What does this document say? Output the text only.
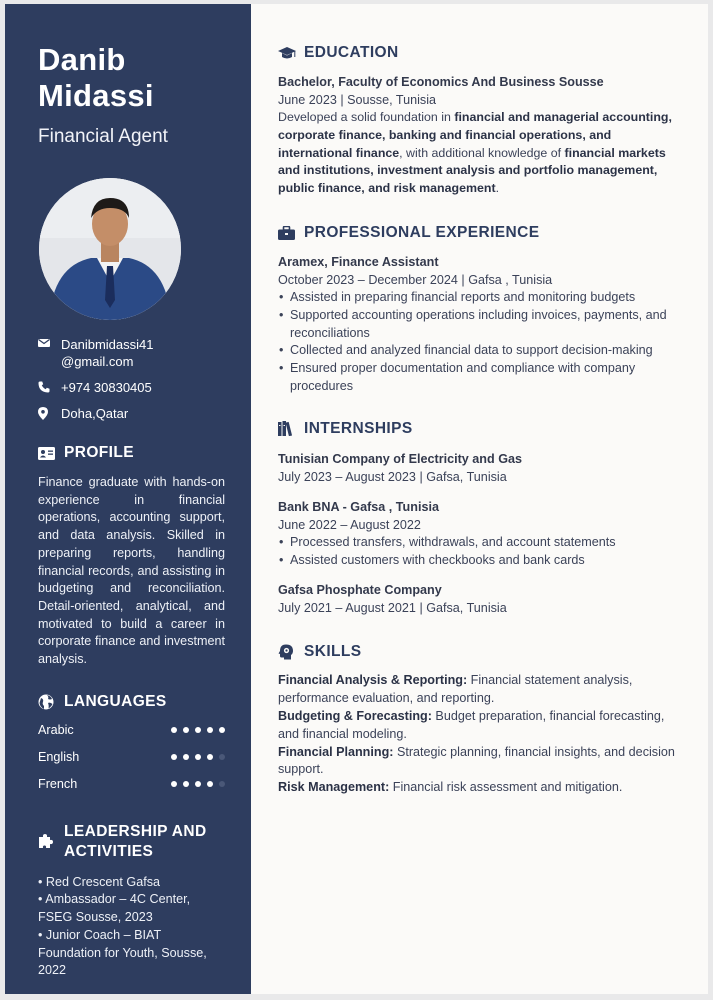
Danib
Midassi
Financial Agent
Danibmidassi41 @gmail.com
+974 30830405
Doha,Qatar
PROFILE

Finance graduate with hands-on experience in financial operations, accounting support, and data analysis. Skilled in preparing reports, handling financial records, and assisting in budgeting and reconciliation. Detail-oriented, analytical, and motivated to build a career in corporate finance and investment analysis.

LANGUAGES
Arabic
English
French
LEADERSHIP AND
ACTIVITIES
• Red Crescent Gafsa
• Ambassador – 4C Center, FSEG Sousse, 2023
• Junior Coach – BIAT Foundation for Youth, Sousse, 2022
EDUCATION
Bachelor, Faculty of Economics And Business Sousse
June 2023 | Sousse, Tunisia

Developed a solid foundation in financial and managerial accounting, corporate finance, banking and financial operations, and international finance, with additional knowledge of financial markets and institutions, investment analysis and portfolio management, public finance, and risk management.

PROFESSIONAL EXPERIENCE
Aramex, Finance Assistant
October 2023 – December 2024 | Gafsa , Tunisia
• Assisted in preparing financial reports and monitoring budgets
• Supported accounting operations including invoices, payments, and reconciliations
• Collected and analyzed financial data to support decision-making
• Ensured proper documentation and compliance with company procedures
INTERNSHIPS
Tunisian Company of Electricity and Gas
July 2023 – August 2023 | Gafsa, Tunisia
Bank BNA - Gafsa , Tunisia
June 2022 – August 2022
• Processed transfers, withdrawals, and account statements
• Assisted customers with checkbooks and bank cards
Gafsa Phosphate Company
July 2021 – August 2021 | Gafsa, Tunisia
SKILLS
Financial Analysis & Reporting: Financial statement analysis, performance evaluation, and reporting.
Budgeting & Forecasting: Budget preparation, financial forecasting, and financial modeling.
Financial Planning: Strategic planning, financial insights, and decision support.
Risk Management: Financial risk assessment and mitigation.
